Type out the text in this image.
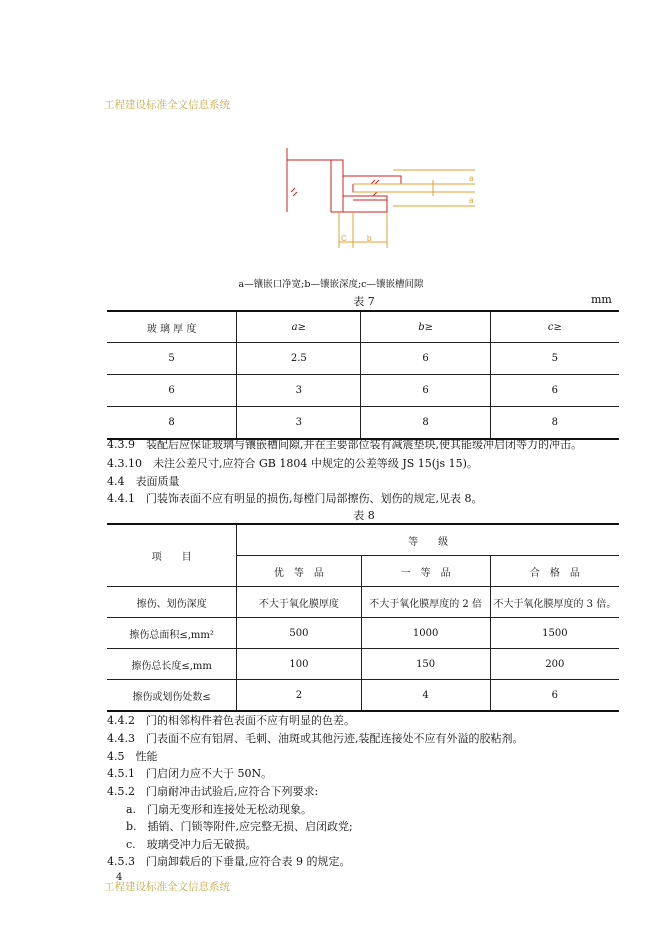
工程建设标准全文信息系统
a
a
C	b
a—镶嵌口净宽;b—镶嵌深度;c—镶嵌槽间隙
表 7	mm
玻 璃 厚 度	a≥	b≥	c≥
5	2.5	6	5
6	3	6	6
8	3	8	8
4.3.9　装配后应保证玻璃与镶嵌槽间隙,并在主要部位装有减震垫块,使其能缓冲启闭等力的冲击。
4.3.10　未注公差尺寸,应符合 GB 1804 中规定的公差等级 JS 15(js 15)。
4.4　表面质量
4.4.1　门装饰表面不应有明显的损伤,每樘门局部擦伤、划伤的规定,见表 8。
表 8
项　　目	等　　级		
	优　等　品	一　等　品	合　格　品
擦伤、划伤深度	不大于氧化膜厚度	不大于氧化膜厚度的 2 倍	不大于氧化膜厚度的 3 倍。
擦伤总面积≤,mm²	500	1000	1500
擦伤总长度≤,mm	100	150	200
擦伤或划伤处数≤	2	4	6
4.4.2　门的相邻构件着色表面不应有明显的色差。
4.4.3　门表面不应有铝屑、毛刺、油斑或其他污迹,装配连接处不应有外溢的胶粘剂。
4.5　性能
4.5.1　门启闭力应不大于 50N。
4.5.2　门扇耐冲击试验后,应符合下列要求:
a.　门扇无变形和连接处无松动现象。
b.　插销、门锁等附件,应完整无损、启闭政党;
c.　玻璃受冲力后无破损。
4.5.3　门扇卸载后的下垂量,应符合表 9 的规定。
4
工程建设标准全文信息系统
